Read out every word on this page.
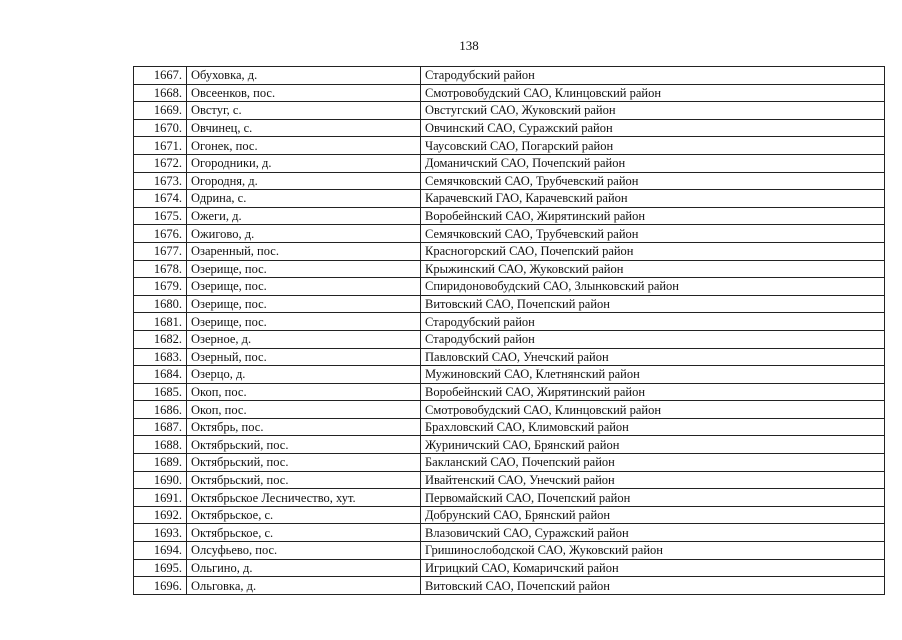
138
1667.	Обуховка, д.	Стародубский район
1668.	Овсеенков, пос.	Смотровобудский САО, Клинцовский район
1669.	Овстуг, с.	Овстугский САО, Жуковский район
1670.	Овчинец, с.	Овчинский САО, Суражский район
1671.	Огонек, пос.	Чаусовский САО, Погарский район
1672.	Огородники, д.	Доманичский САО, Почепский район
1673.	Огородня, д.	Семячковский САО, Трубчевский район
1674.	Одрина, с.	Карачевский ГАО, Карачевский район
1675.	Ожеги, д.	Воробейнский САО, Жирятинский район
1676.	Ожигово, д.	Семячковский САО, Трубчевский район
1677.	Озаренный, пос.	Красногорский САО, Почепский район
1678.	Озерище, пос.	Крыжинский САО, Жуковский район
1679.	Озерище, пос.	Спиридоновобудский САО, Злынковский район
1680.	Озерище, пос.	Витовский САО, Почепский район
1681.	Озерище, пос.	Стародубский район
1682.	Озерное, д.	Стародубский район
1683.	Озерный, пос.	Павловский САО, Унечский район
1684.	Озерцо, д.	Мужиновский САО, Клетнянский район
1685.	Окоп, пос.	Воробейнский САО, Жирятинский район
1686.	Окоп, пос.	Смотровобудский САО, Клинцовский район
1687.	Октябрь, пос.	Брахловский САО, Климовский район
1688.	Октябрьский, пос.	Журиничский САО, Брянский район
1689.	Октябрьский, пос.	Бакланский САО, Почепский район
1690.	Октябрьский, пос.	Ивайтенский САО, Унечский район
1691.	Октябрьское Лесничество, хут.	Первомайский САО, Почепский район
1692.	Октябрьское, с.	Добрунский САО, Брянский район
1693.	Октябрьское, с.	Влазовичский САО, Суражский район
1694.	Олсуфьево, пос.	Гришинослободской САО, Жуковский район
1695.	Ольгино, д.	Игрицкий САО, Комаричский район
1696.	Ольговка, д.	Витовский САО, Почепский район
